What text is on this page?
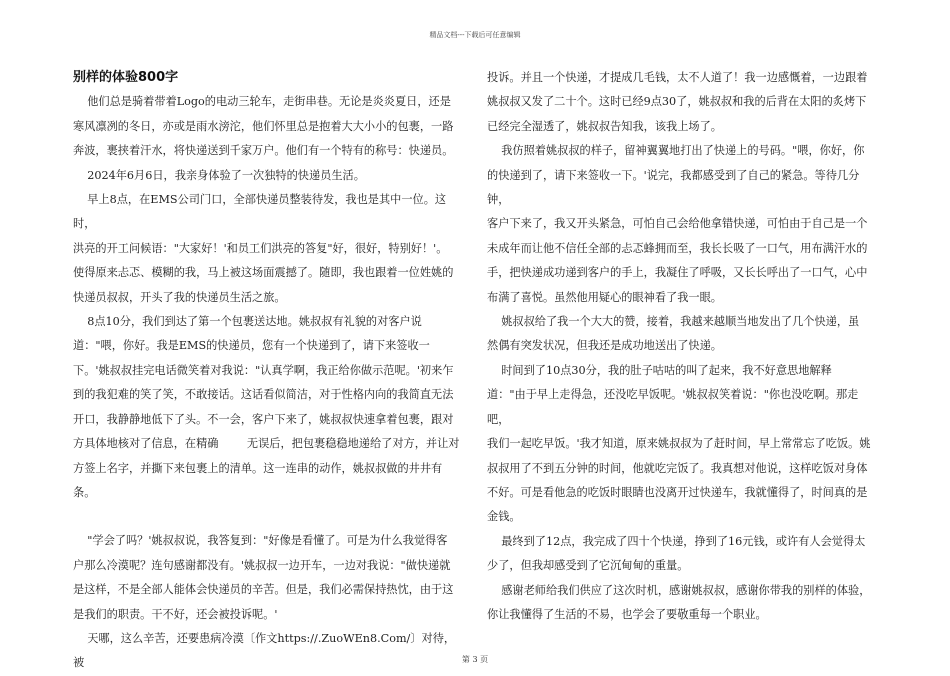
精品文档---下载后可任意编辑
别样的体验800字

他们总是骑着带着Logo的电动三轮车，走街串巷。无论是炎炎夏日，还是

寒风凛冽的冬日，亦或是雨水滂沱，他们怀里总是抱着大大小小的包裹，一路

奔波，裹挟着汗水，将快递送到千家万户。他们有一个特有的称号：快递员。

2024年6月6日，我亲身体验了一次独特的快递员生活。

早上8点，在EMS公司门口，全部快递员整装待发，我也是其中一位。这时，

洪亮的开工问候语："大家好！'和员工们洪亮的答复"好，很好，特别好！'。

使得原来忐忑、模糊的我，马上被这场面震撼了。随即，我也跟着一位姓姚的

快递员叔叔，开头了我的快递员生活之旅。

8点10分，我们到达了第一个包裹送达地。姚叔叔有礼貌的对客户说

道："喂，你好。我是EMS的快递员，您有一个快递到了，请下来签收一

下。'姚叔叔挂完电话微笑着对我说："认真学啊，我正给你做示范呢。'初来乍

到的我犯难的笑了笑，不敢接话。这话看似简洁，对于性格内向的我简直无法

开口，我静静地低下了头。不一会，客户下来了，姚叔叔快速拿着包裹，跟对

方具体地核对了信息，在精确        无误后，把包裹稳稳地递给了对方，并让对

方签上名字，并撕下来包裹上的清单。这一连串的动作，姚叔叔做的井井有条。

"学会了吗？'姚叔叔说，我答复到："好像是看懂了。可是为什么我觉得客

户那么冷漠呢？连句感谢都没有。'姚叔叔一边开车，一边对我说："做快递就

是这样，不是全部人能体会快递员的辛苦。但是，我们必需保持热忱，由于这

是我们的职责。干不好，还会被投诉呢。'

天哪，这么辛苦，还要患病冷漠〔作文https://.ZuoWEn8.Com/〕对待，被

投诉。并且一个快递，才提成几毛钱，太不人道了！我一边感慨着，一边跟着

姚叔叔又发了二十个。这时已经9点30了，姚叔叔和我的后背在太阳的炙烤下

已经完全湿透了，姚叔叔告知我，该我上场了。

我仿照着姚叔叔的样子，留神翼翼地打出了快递上的号码。"喂，你好，你

的快递到了，请下来签收一下。'说完，我都感受到了自己的紧急。等待几分钟，

客户下来了，我又开头紧急，可怕自己会给他拿错快递，可怕由于自己是一个

未成年而让他不信任全部的忐忑蜂拥而至，我长长吸了一口气，用布满汗水的

手，把快递成功递到客户的手上，我凝住了呼吸，又长长呼出了一口气，心中

布满了喜悦。虽然他用疑心的眼神看了我一眼。

姚叔叔给了我一个大大的赞，接着，我越来越顺当地发出了几个快递，虽

然偶有突发状况，但我还是成功地送出了快递。

时间到了10点30分，我的肚子咕咕的叫了起来，我不好意思地解释

道："由于早上走得急，还没吃早饭呢。'姚叔叔笑着说："你也没吃啊。那走吧，

我们一起吃早饭。'我才知道，原来姚叔叔为了赶时间，早上常常忘了吃饭。姚

叔叔用了不到五分钟的时间，他就吃完饭了。我真想对他说，这样吃饭对身体

不好。可是看他急的吃饭时眼睛也没离开过快递车，我就懂得了，时间真的是

金钱。

最终到了12点，我完成了四十个快递，挣到了16元钱，或许有人会觉得太

少了，但我却感受到了它沉甸甸的重量。

感谢老师给我们供应了这次时机，感谢姚叔叔，感谢你带我的别样的体验，

你让我懂得了生活的不易，也学会了要敬重每一个职业。

第 3 页
